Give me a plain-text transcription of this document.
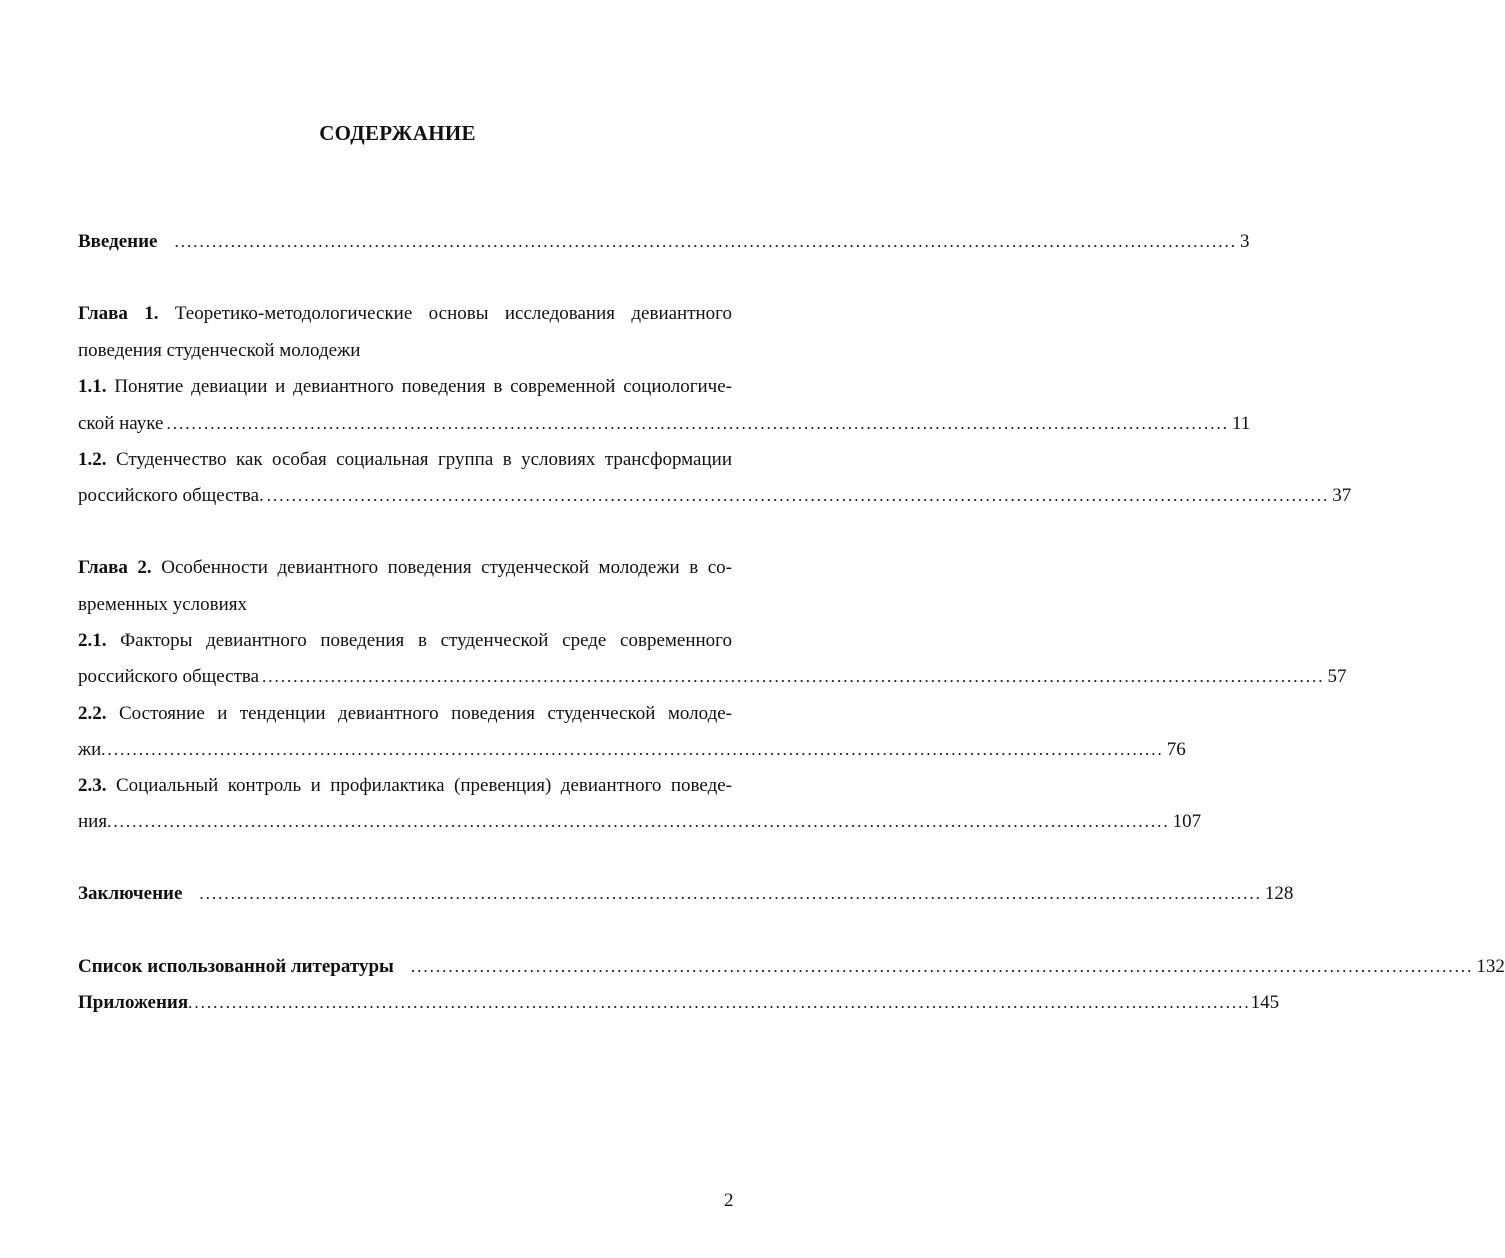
СОДЕРЖАНИЕ
Введение	.......................................................................................................................................................................... 3
Глава 1. Теоретико-методологические основы исследования девиантного
поведения студенческой молодежи
1.1. Понятие девиации и девиантного поведения в современной социологиче-
ской науке .......................................................................................................................................................................... 11
1.2. Студенчество как особая социальная группа в условиях трансформации
российского общества. .......................................................................................................................................................................... 37
Глава 2. Особенности девиантного поведения студенческой молодежи в со-
временных условиях
2.1. Факторы девиантного поведения в студенческой среде современного
российского общества .......................................................................................................................................................................... 57
2.2. Состояние и тенденции девиантного поведения студенческой молоде-
жи .......................................................................................................................................................................... 76
2.3. Социальный контроль и профилактика (превенция) девиантного поведе-
ния .......................................................................................................................................................................... 107
Заключение	.......................................................................................................................................................................... 128
Список использованной литературы	.......................................................................................................................................................................... 132
Приложения .......................................................................................................................................................................... 145
2
